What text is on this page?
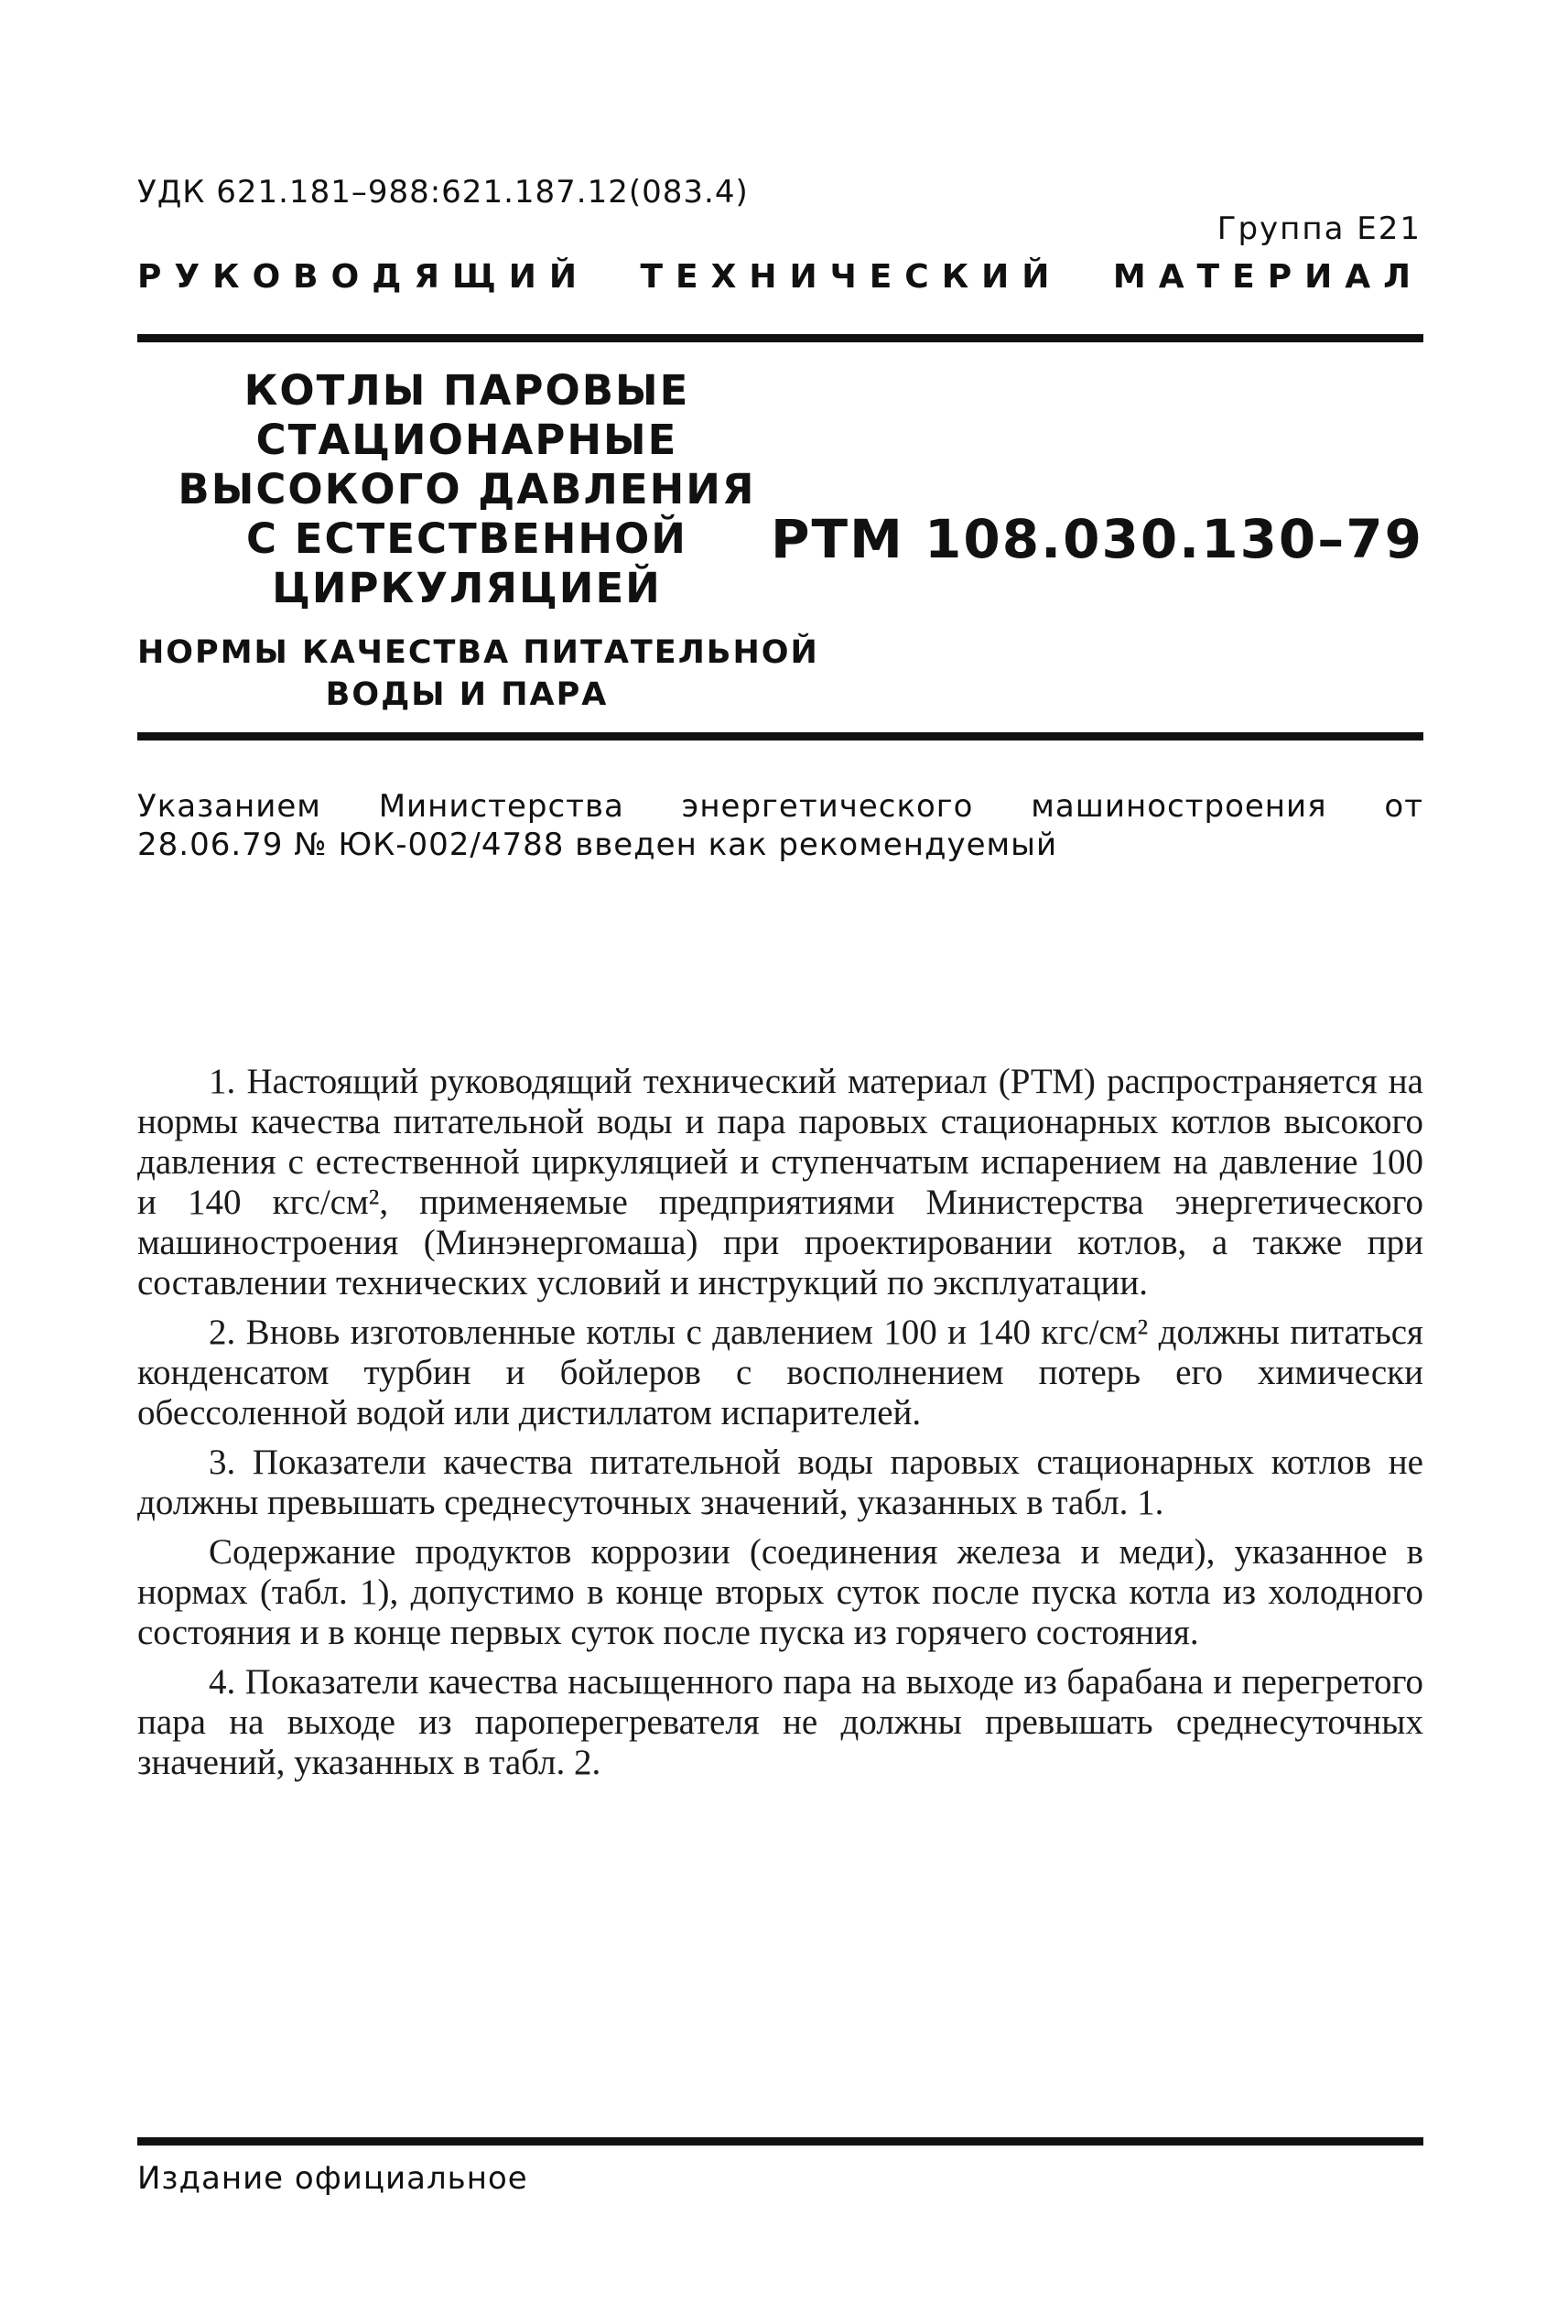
УДК 621.181–988:621.187.12(083.4)
Группа Е21
РУКОВОДЯЩИЙ ТЕХНИЧЕСКИЙ МАТЕРИАЛ
КОТЛЫ ПАРОВЫЕ
СТАЦИОНАРНЫЕ
ВЫСОКОГО ДАВЛЕНИЯ
С ЕСТЕСТВЕННОЙ
ЦИРКУЛЯЦИЕЙ
НОРМЫ КАЧЕСТВА ПИТАТЕЛЬНОЙ
ВОДЫ И ПАРА
РТМ 108.030.130–79
Указанием Министерства энергетического машиностроения от
28.06.79 № ЮК-002/4788 введен как рекомендуемый

1. Настоящий руководящий технический материал (РТМ) распространяется на нормы качества питательной воды и пара паровых стационарных котлов высокого давления с естественной циркуляцией и ступенчатым испарением на давление 100 и 140 кгс/см², применяемые предприятиями Министерства энергетического машиностроения (Минэнергомаша) при проектировании котлов, а также при составлении технических условий и инструкций по эксплуатации.

2. Вновь изготовленные котлы с давлением 100 и 140 кгс/см² должны питаться конденсатом турбин и бойлеров с восполнением потерь его химически обессоленной водой или дистиллатом испарителей.

3. Показатели качества питательной воды паровых стационарных котлов не должны превышать среднесуточных значений, указанных в табл. 1.

Содержание продуктов коррозии (соединения железа и меди), указанное в нормах (табл. 1), допустимо в конце вторых суток после пуска котла из холодного состояния и в конце первых суток после пуска из горячего состояния.

4. Показатели качества насыщенного пара на выходе из барабана и перегретого пара на выходе из пароперегревателя не должны превышать среднесуточных значений, указанных в табл. 2.

Издание официальное
